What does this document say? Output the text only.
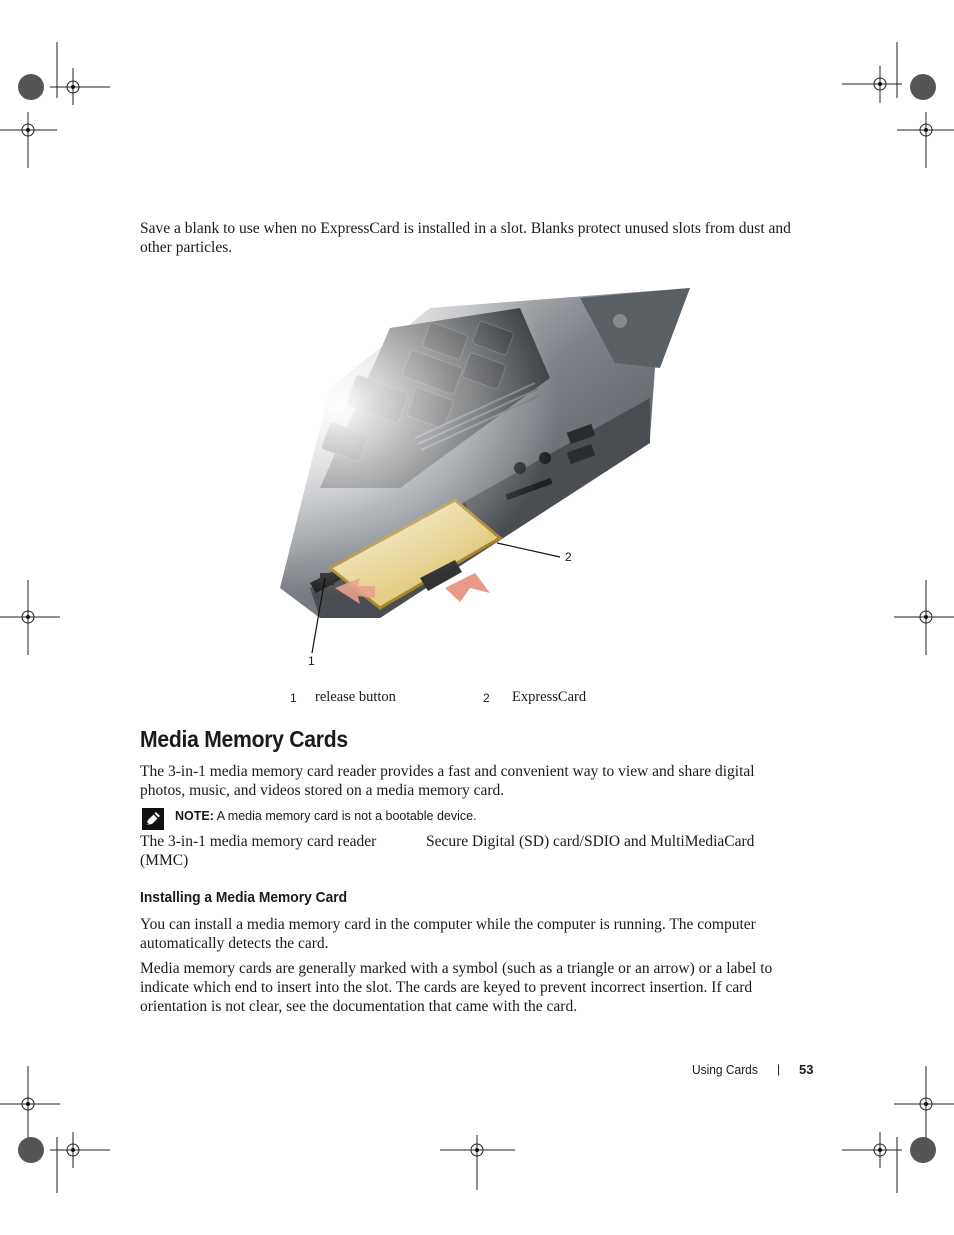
Save a blank to use when no ExpressCard is installed in a slot. Blanks protect unused slots from dust and other particles.

2
1
1 release button	2 ExpressCard
Media Memory Cards

The 3-in-1 media memory card reader provides a fast and convenient way to view and share digital photos, music, and videos stored on a media memory card.

NOTE: A media memory card is not a bootable device.
The 3-in-1 media memory card reader	Secure Digital (SD) card/SDIO and MultiMediaCard
(MMC)
Installing a Media Memory Card

You can install a media memory card in the computer while the computer is running. The computer automatically detects the card.

Media memory cards are generally marked with a symbol (such as a triangle or an arrow) or a label to indicate which end to insert into the slot. The cards are keyed to prevent incorrect insertion. If card orientation is not clear, see the documentation that came with the card.

Using Cards | 53
